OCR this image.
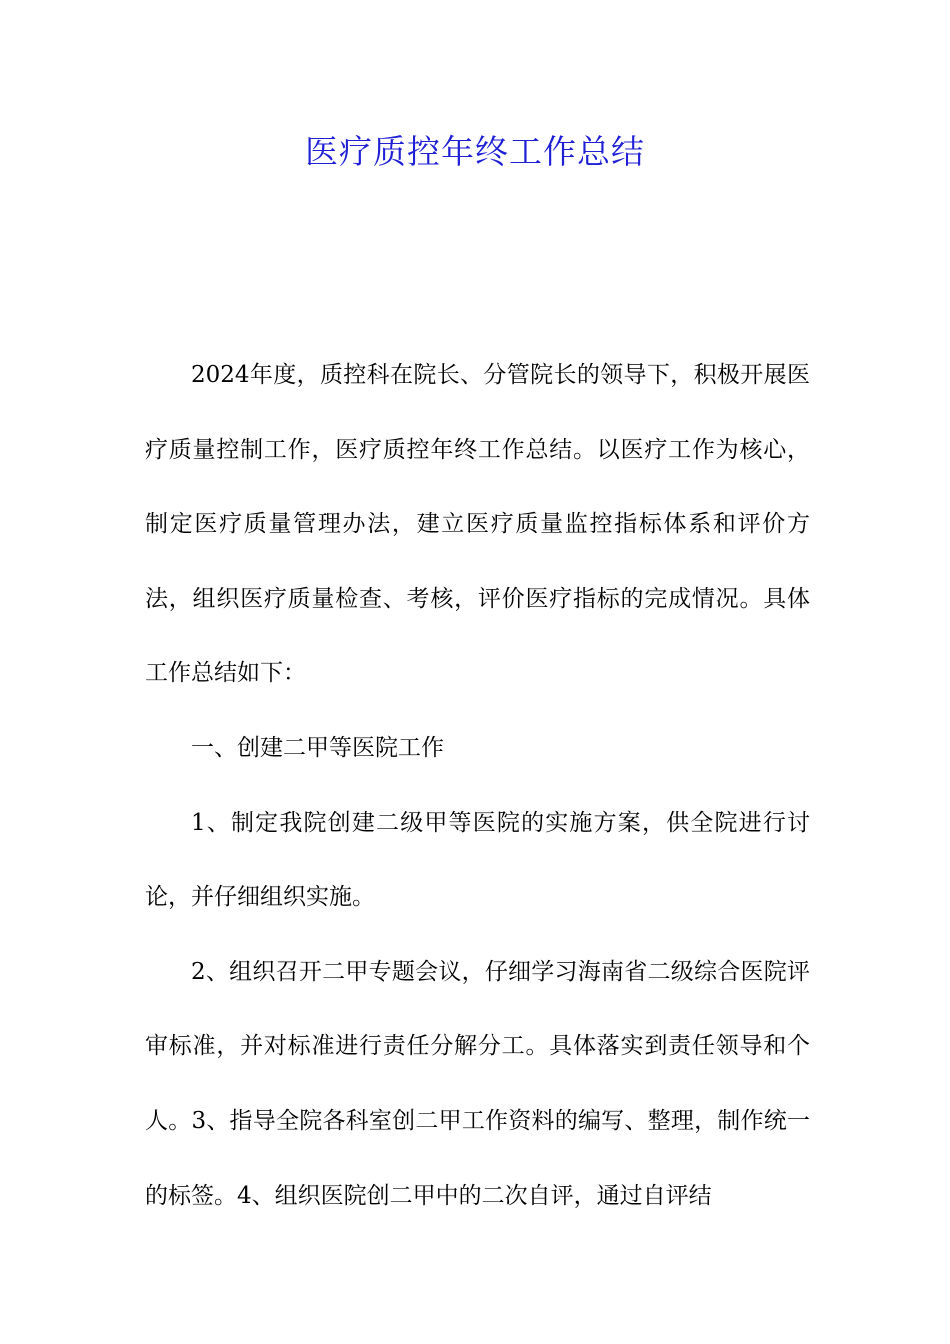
医疗质控年终工作总结

2024年度，质控科在院长、分管院长的领导下，积极开展医疗质量控制工作，医疗质控年终工作总结。以医疗工作为核心，制定医疗质量管理办法，建立医疗质量监控指标体系和评价方法，组织医疗质量检查、考核，评价医疗指标的完成情况。具体工作总结如下：

一、创建二甲等医院工作

1、制定我院创建二级甲等医院的实施方案，供全院进行讨论，并仔细组织实施。

2、组织召开二甲专题会议，仔细学习海南省二级综合医院评审标准，并对标准进行责任分解分工。具体落实到责任领导和个人。3、指导全院各科室创二甲工作资料的编写、整理，制作统一的标签。4、组织医院创二甲中的二次自评，通过自评结
